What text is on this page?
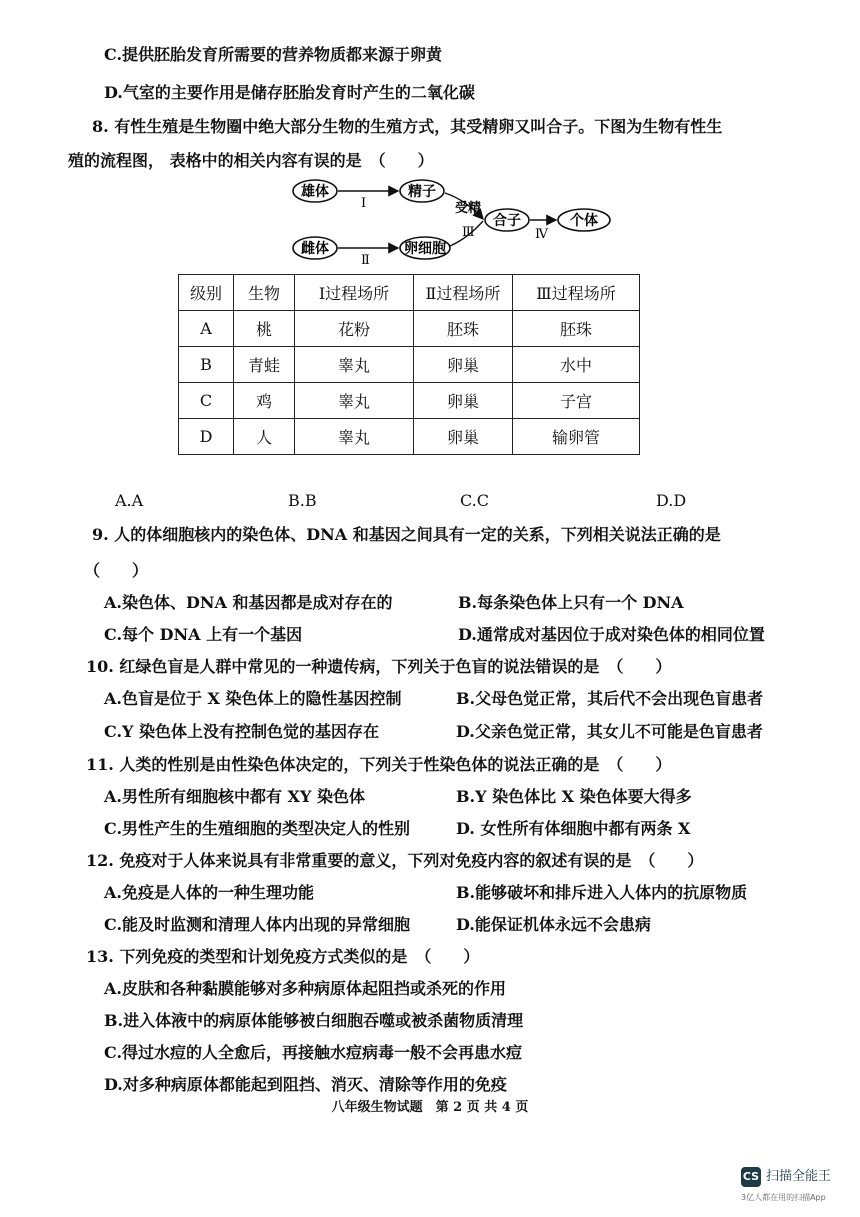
C.提供胚胎发育所需要的营养物质都来源于卵黄
D.气室的主要作用是储存胚胎发育时产生的二氧化碳
8. 有性生殖是生物圈中绝大部分生物的生殖方式，其受精卵又叫合子。下图为生物有性生
殖的流程图， 表格中的相关内容有误的是　（　　）
雄体	精子
雌体	卵细胞
合子	个体
Ⅰ
Ⅱ
受精
Ⅲ	Ⅳ
级别	生物	Ⅰ过程场所	Ⅱ过程场所	Ⅲ过程场所
A	桃	花粉	胚珠	胚珠
B	青蛙	睾丸	卵巢	水中
C	鸡	睾丸	卵巢	子宫
D	人	睾丸	卵巢	输卵管
A.A	B.B	C.C	D.D
9. 人的体细胞核内的染色体、DNA 和基因之间具有一定的关系，下列相关说法正确的是
（　　）
A.染色体、DNA 和基因都是成对存在的	B.每条染色体上只有一个 DNA
C.每个 DNA 上有一个基因	D.通常成对基因位于成对染色体的相同位置
10. 红绿色盲是人群中常见的一种遗传病，下列关于色盲的说法错误的是　（　　）
A.色盲是位于 X 染色体上的隐性基因控制	B.父母色觉正常，其后代不会出现色盲患者
C.Y 染色体上没有控制色觉的基因存在	D.父亲色觉正常，其女儿不可能是色盲患者
11. 人类的性别是由性染色体决定的，下列关于性染色体的说法正确的是　（　　）
A.男性所有细胞核中都有 XY 染色体	B.Y 染色体比 X 染色体要大得多
C.男性产生的生殖细胞的类型决定人的性别	D. 女性所有体细胞中都有两条 X
12. 免疫对于人体来说具有非常重要的意义，下列对免疫内容的叙述有误的是　（　　）
A.免疫是人体的一种生理功能	B.能够破坏和排斥进入人体内的抗原物质
C.能及时监测和清理人体内出现的异常细胞	D.能保证机体永远不会患病
13. 下列免疫的类型和计划免疫方式类似的是　（　　）
A.皮肤和各种黏膜能够对多种病原体起阻挡或杀死的作用
B.进入体液中的病原体能够被白细胞吞噬或被杀菌物质清理
C.得过水痘的人全愈后，再接触水痘病毒一般不会再患水痘
D.对多种病原体都能起到阻挡、消灭、清除等作用的免疫
八年级生物试题　第 2 页 共 4 页
CS 扫描全能王
3亿人都在用的扫描App
